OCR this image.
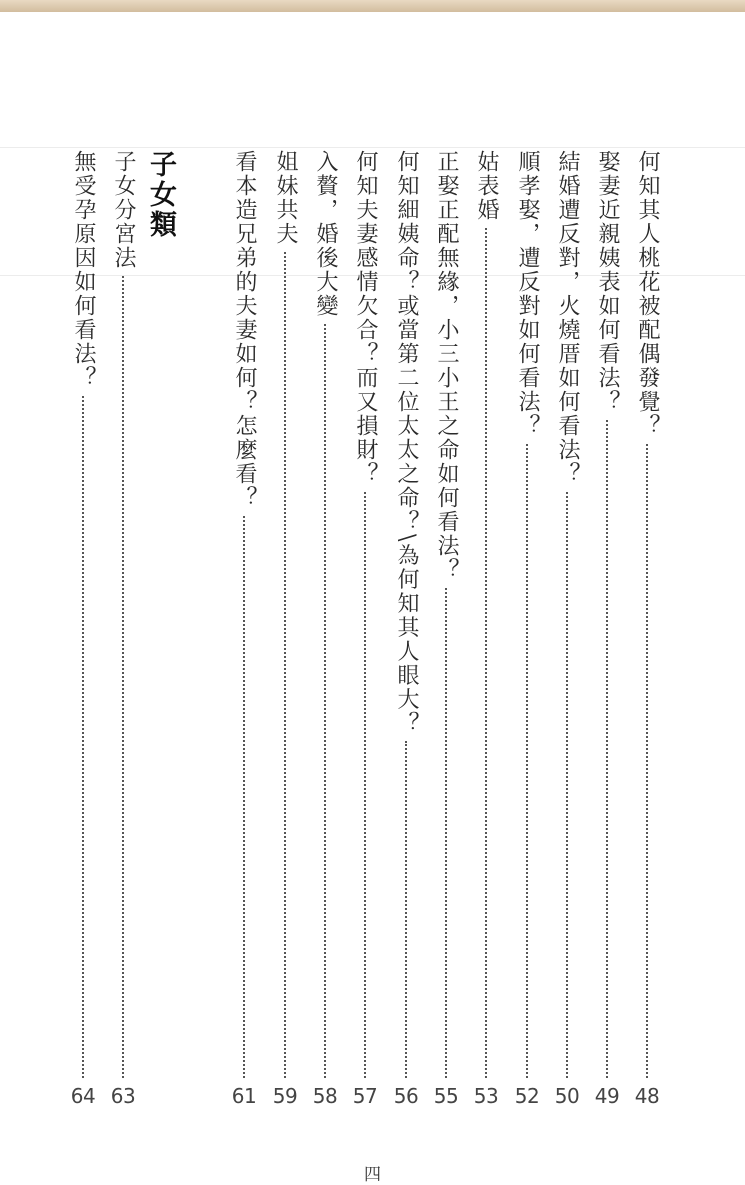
何知其人桃花被配偶發覺？
48
娶妻近親姨表如何看法？
49
結婚遭反對，火燒厝如何看法？
50
順孝娶，遭反對如何看法？
52
姑表婚
53
正娶正配無緣，小三小王之命如何看法？
55
何知細姨命？或當第二位太太之命？\為何知其人眼大？
56
何知夫妻感情欠合？而又損財？
57
入贅，婚後大變
58
姐妹共夫
59
看本造兄弟的夫妻如何？怎麼看？
61
子女類
子女分宮法
63
無受孕原因如何看法？
64
四
